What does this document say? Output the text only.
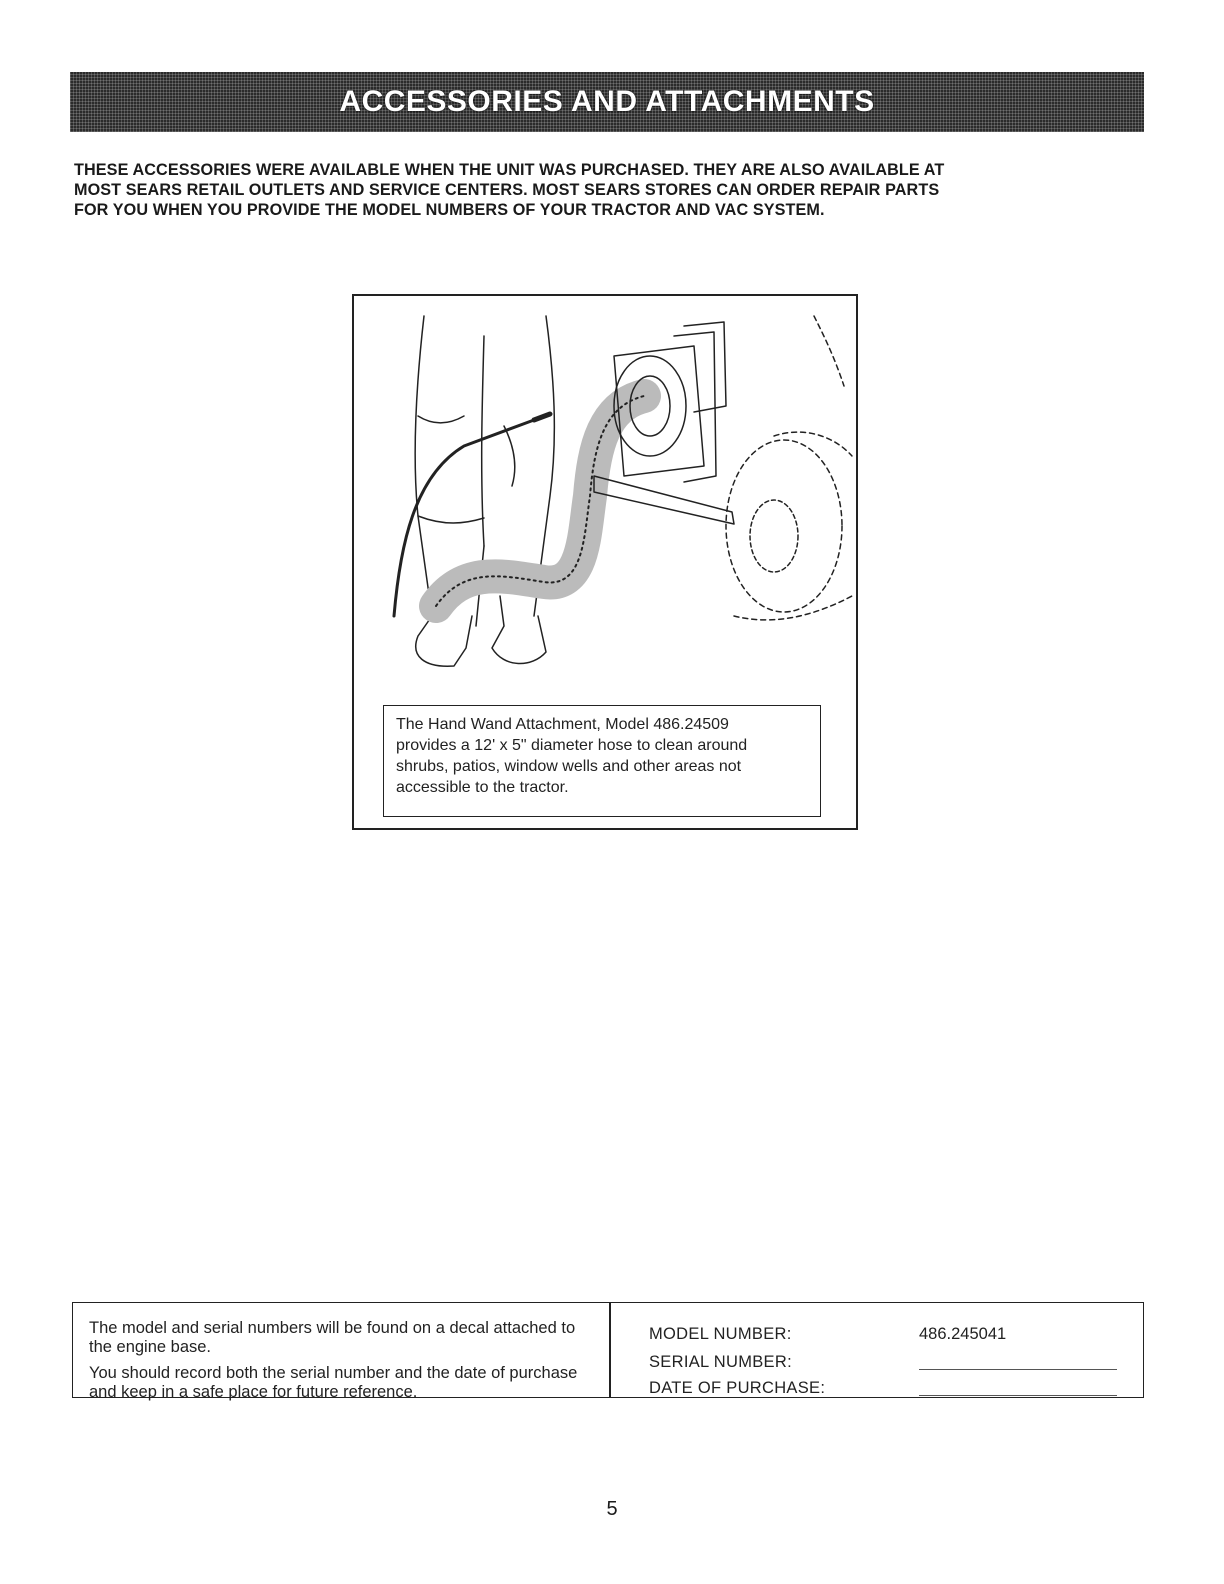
ACCESSORIES AND ATTACHMENTS
THESE ACCESSORIES WERE AVAILABLE WHEN THE UNIT WAS PURCHASED. THEY ARE ALSO AVAILABLE AT
MOST SEARS RETAIL OUTLETS AND SERVICE CENTERS. MOST SEARS STORES CAN ORDER REPAIR PARTS
FOR YOU WHEN YOU PROVIDE THE MODEL NUMBERS OF YOUR TRACTOR AND VAC SYSTEM.
The Hand Wand Attachment, Model 486.24509
provides a 12' x 5" diameter hose to clean around
shrubs, patios, window wells and other areas not
accessible to the tractor.

The model and serial numbers will be found on a decal attached to the engine base.

You should record both the serial number and the date of purchase and keep in a safe place for future reference.

MODEL NUMBER:	486.245041
SERIAL NUMBER:
DATE OF PURCHASE:
5
